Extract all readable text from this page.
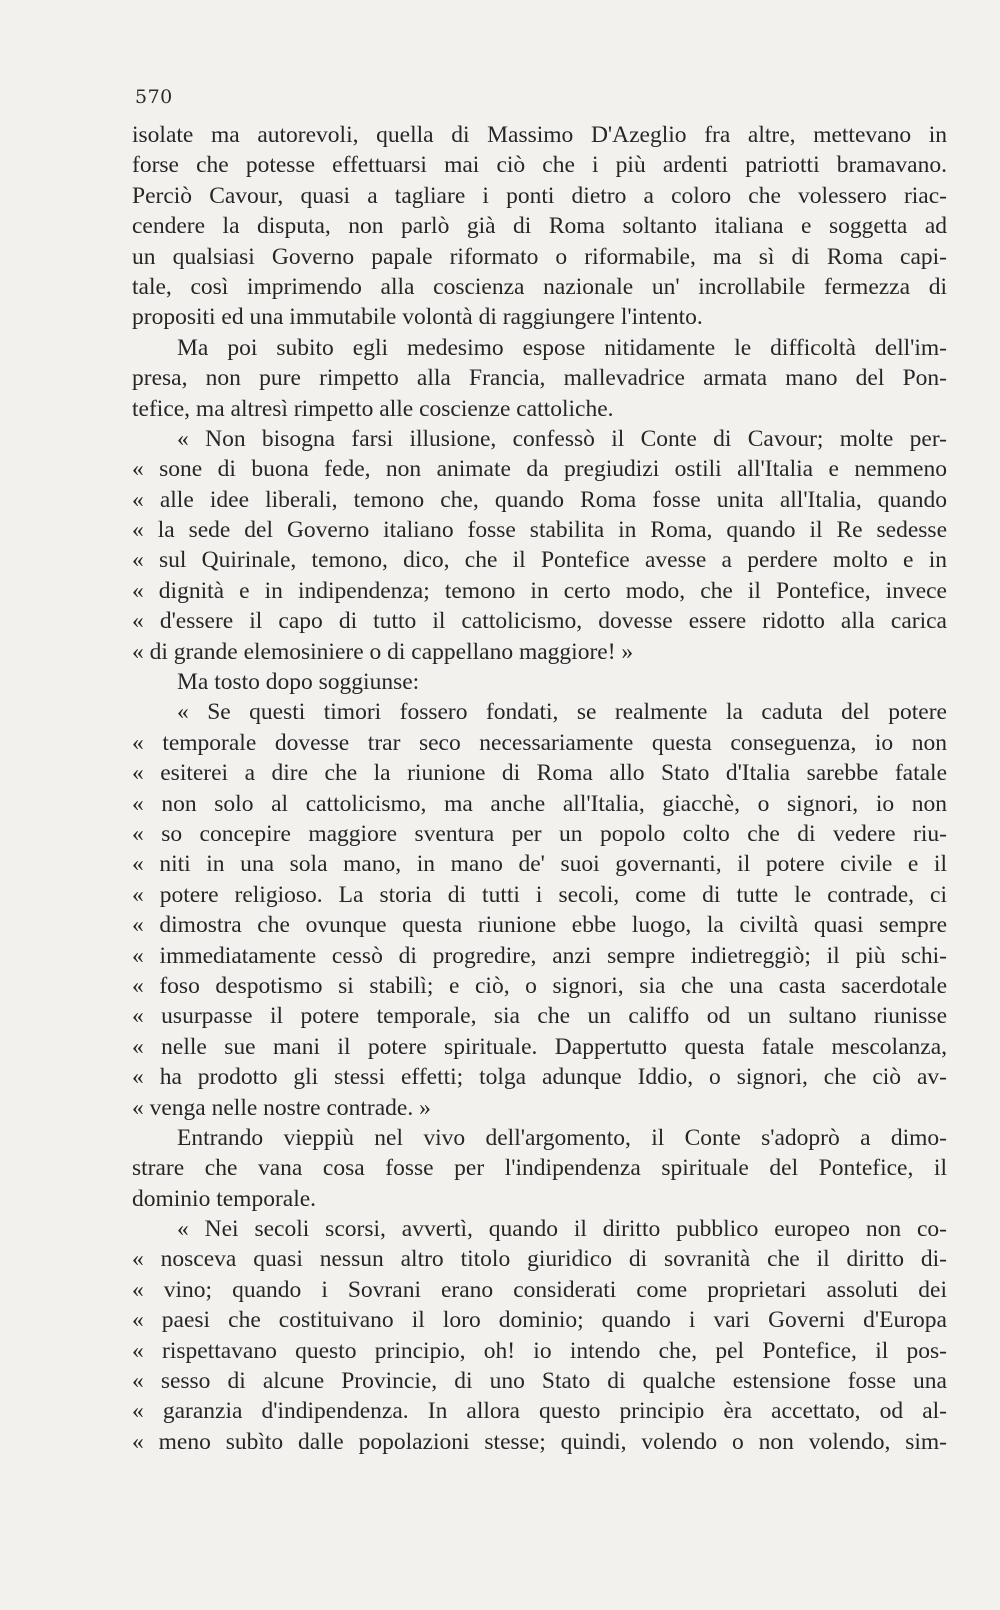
570
isolate ma autorevoli, quella di Massimo D'Azeglio fra altre, mettevano in
forse che potesse effettuarsi mai ciò che i più ardenti patriotti bramavano.
Perciò Cavour, quasi a tagliare i ponti dietro a coloro che volessero riac-
cendere la disputa, non parlò già di Roma soltanto italiana e soggetta ad
un qualsiasi Governo papale riformato o riformabile, ma sì di Roma capi-
tale, così imprimendo alla coscienza nazionale un' incrollabile fermezza di
propositi ed una immutabile volontà di raggiungere l'intento.
Ma poi subito egli medesimo espose nitidamente le difficoltà dell'im-
presa, non pure rimpetto alla Francia, mallevadrice armata mano del Pon-
tefice, ma altresì rimpetto alle coscienze cattoliche.
« Non bisogna farsi illusione, confessò il Conte di Cavour; molte per-
« sone di buona fede, non animate da pregiudizi ostili all'Italia e nemmeno
« alle idee liberali, temono che, quando Roma fosse unita all'Italia, quando
« la sede del Governo italiano fosse stabilita in Roma, quando il Re sedesse
« sul Quirinale, temono, dico, che il Pontefice avesse a perdere molto e in
« dignità e in indipendenza; temono in certo modo, che il Pontefice, invece
« d'essere il capo di tutto il cattolicismo, dovesse essere ridotto alla carica
« di grande elemosiniere o di cappellano maggiore! »
Ma tosto dopo soggiunse:
« Se questi timori fossero fondati, se realmente la caduta del potere
« temporale dovesse trar seco necessariamente questa conseguenza, io non
« esiterei a dire che la riunione di Roma allo Stato d'Italia sarebbe fatale
« non solo al cattolicismo, ma anche all'Italia, giacchè, o signori, io non
« so concepire maggiore sventura per un popolo colto che di vedere riu-
« niti in una sola mano, in mano de' suoi governanti, il potere civile e il
« potere religioso. La storia di tutti i secoli, come di tutte le contrade, ci
« dimostra che ovunque questa riunione ebbe luogo, la civiltà quasi sempre
« immediatamente cessò di progredire, anzi sempre indietreggiò; il più schi-
« foso despotismo si stabilì; e ciò, o signori, sia che una casta sacerdotale
« usurpasse il potere temporale, sia che un califfo od un sultano riunisse
« nelle sue mani il potere spirituale. Dappertutto questa fatale mescolanza,
« ha prodotto gli stessi effetti; tolga adunque Iddio, o signori, che ciò av-
« venga nelle nostre contrade. »
Entrando vieppiù nel vivo dell'argomento, il Conte s'adoprò a dimo-
strare che vana cosa fosse per l'indipendenza spirituale del Pontefice, il
dominio temporale.
« Nei secoli scorsi, avvertì, quando il diritto pubblico europeo non co-
« nosceva quasi nessun altro titolo giuridico di sovranità che il diritto di-
« vino; quando i Sovrani erano considerati come proprietari assoluti dei
« paesi che costituivano il loro dominio; quando i vari Governi d'Europa
« rispettavano questo principio, oh! io intendo che, pel Pontefice, il pos-
« sesso di alcune Provincie, di uno Stato di qualche estensione fosse una
« garanzia d'indipendenza. In allora questo principio èra accettato, od al-
« meno subìto dalle popolazioni stesse; quindi, volendo o non volendo, sim-
